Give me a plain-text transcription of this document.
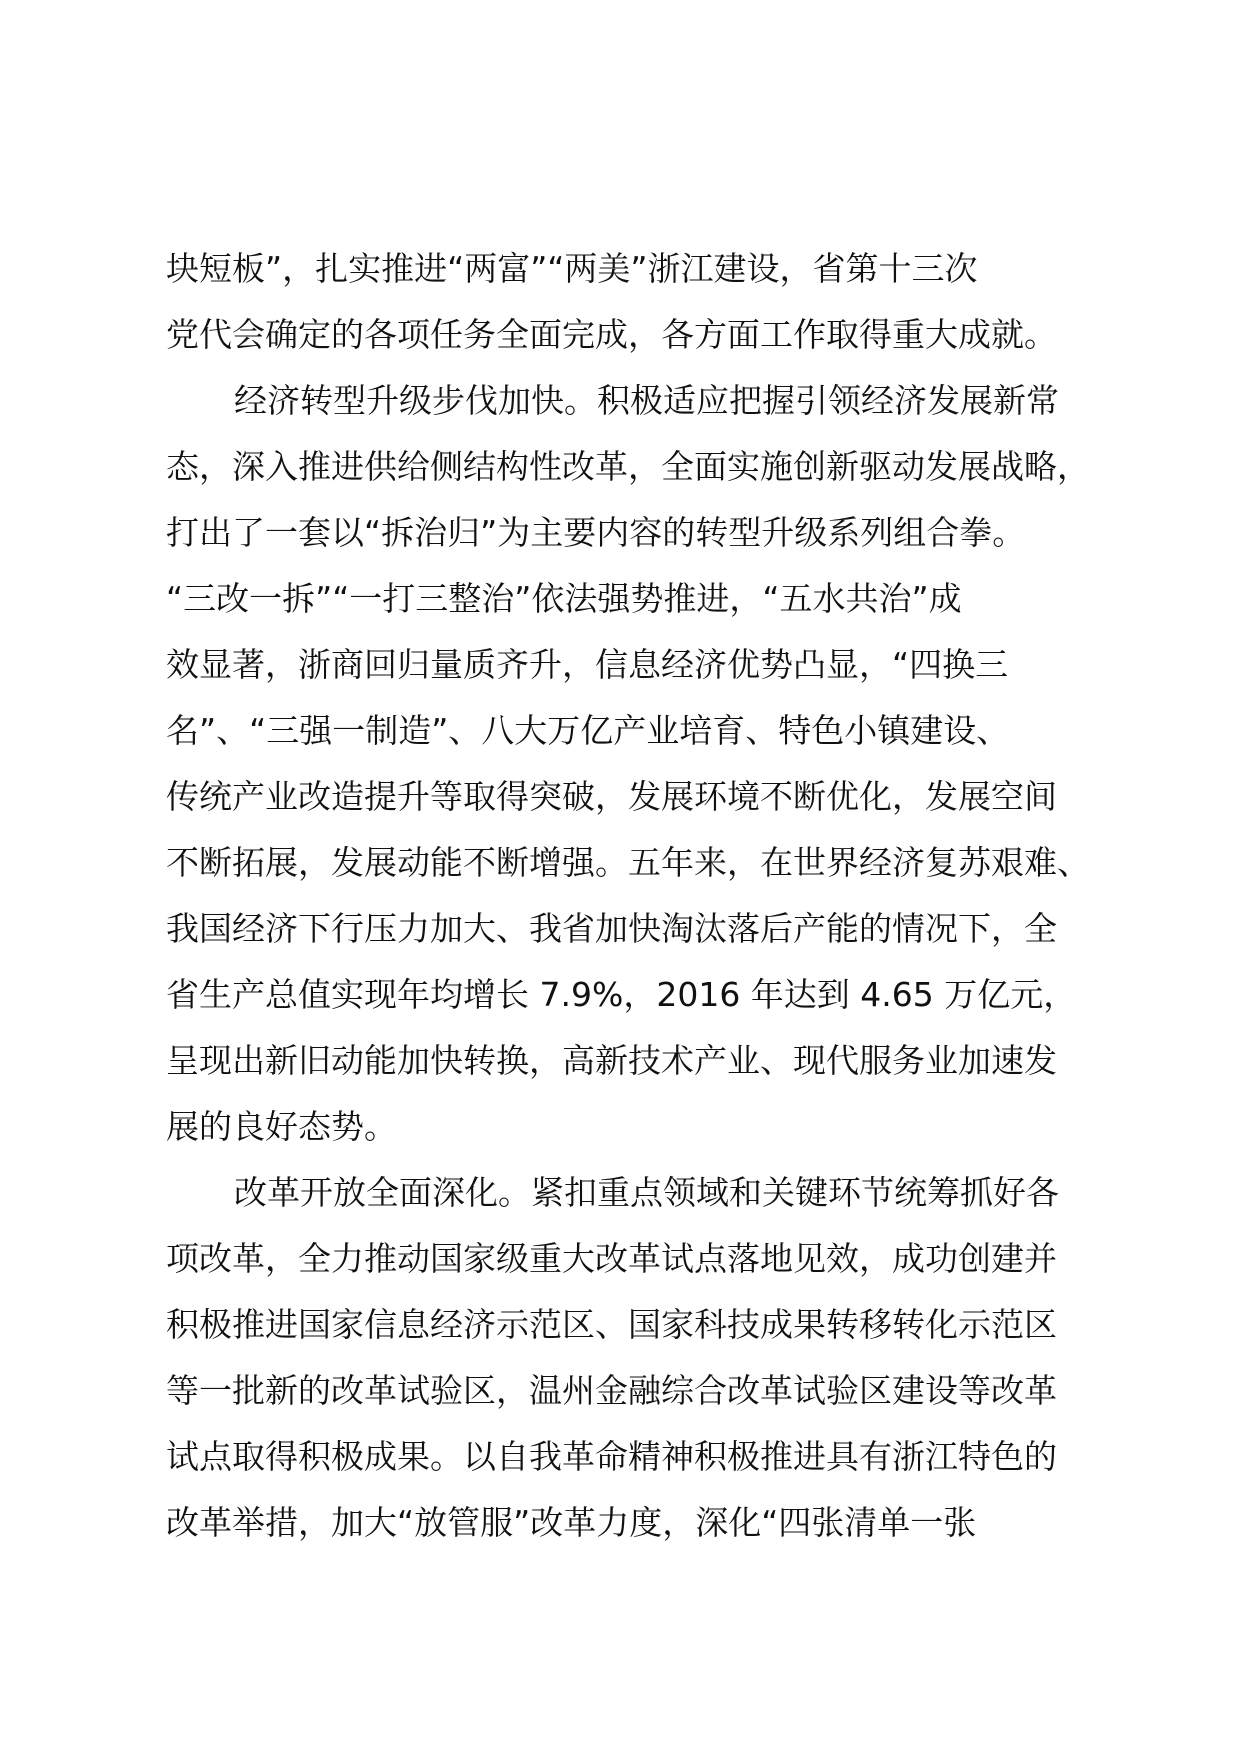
块短板”，扎实推进“两富”“两美”浙江建设，省第十三次
党代会确定的各项任务全面完成，各方面工作取得重大成就。
经济转型升级步伐加快。积极适应把握引领经济发展新常
态，深入推进供给侧结构性改革，全面实施创新驱动发展战略，
打出了一套以“拆治归”为主要内容的转型升级系列组合拳。
“三改一拆”“一打三整治”依法强势推进，“五水共治”成
效显著，浙商回归量质齐升，信息经济优势凸显，“四换三
名”、“三强一制造”、八大万亿产业培育、特色小镇建设、
传统产业改造提升等取得突破，发展环境不断优化，发展空间
不断拓展，发展动能不断增强。五年来，在世界经济复苏艰难、
我国经济下行压力加大、我省加快淘汰落后产能的情况下，全
省生产总值实现年均增长 7.9%，2016 年达到 4.65 万亿元，
呈现出新旧动能加快转换，高新技术产业、现代服务业加速发
展的良好态势。
改革开放全面深化。紧扣重点领域和关键环节统筹抓好各
项改革，全力推动国家级重大改革试点落地见效，成功创建并
积极推进国家信息经济示范区、国家科技成果转移转化示范区
等一批新的改革试验区，温州金融综合改革试验区建设等改革
试点取得积极成果。以自我革命精神积极推进具有浙江特色的
改革举措，加大“放管服”改革力度，深化“四张清单一张
